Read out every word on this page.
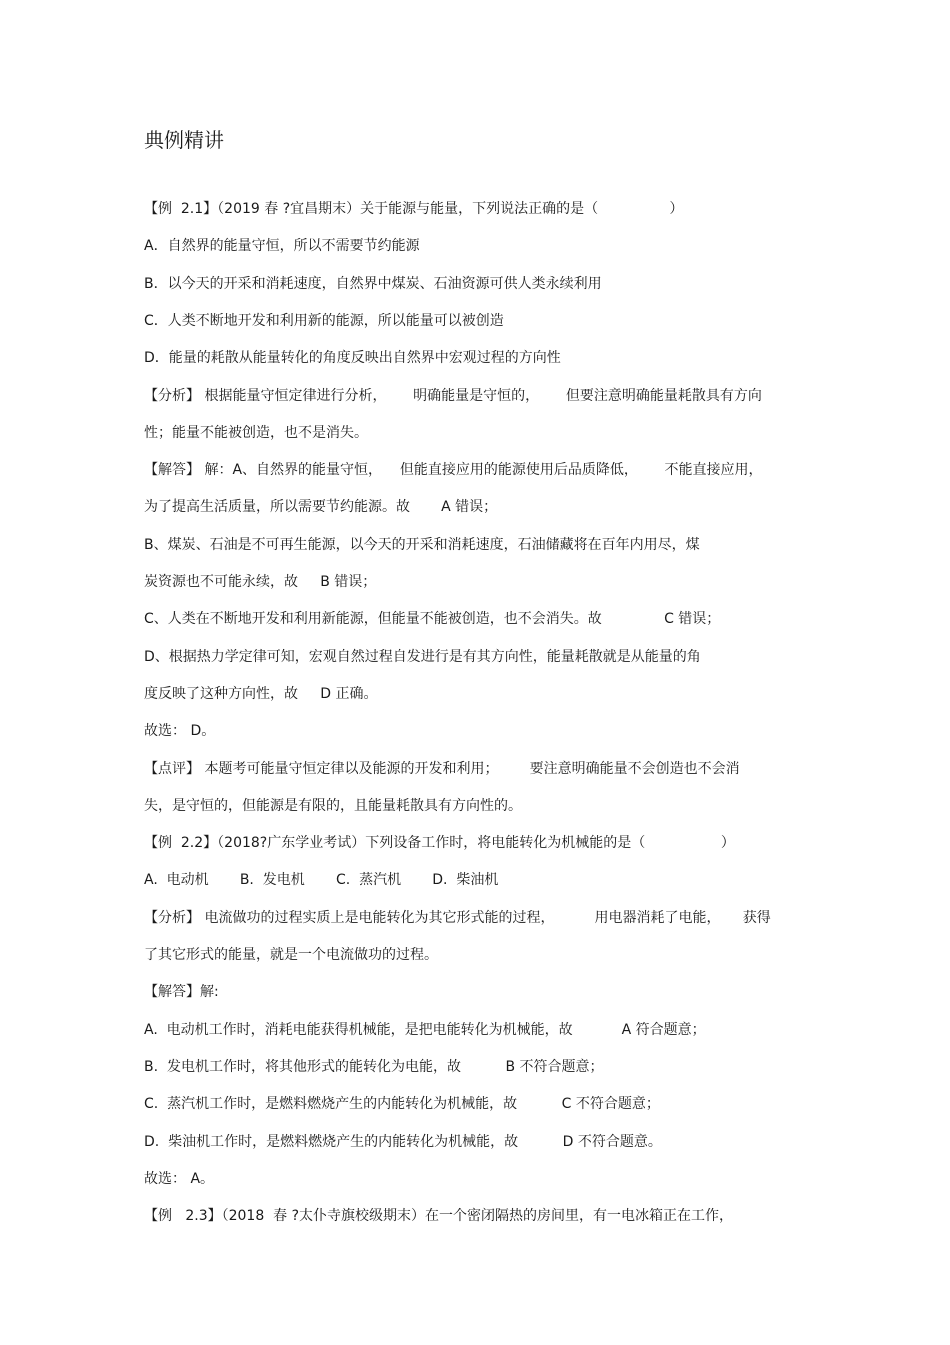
典例精讲
【例  2.1】（2019 春 ?宜昌期末）关于能源与能量，下列说法正确的是（                ）
A．自然界的能量守恒，所以不需要节约能源
B．以今天的开采和消耗速度，自然界中煤炭、石油资源可供人类永续利用
C．人类不断地开发和利用新的能源，所以能量可以被创造
D．能量的耗散从能量转化的角度反映出自然界中宏观过程的方向性
【分析】 根据能量守恒定律进行分析，      明确能量是守恒的，      但要注意明确能量耗散具有方向
性；能量不能被创造，也不是消失。
【解答】 解：A、自然界的能量守恒，    但能直接应用的能源使用后品质降低，      不能直接应用，
为了提高生活质量，所以需要节约能源。故       A 错误；
B、煤炭、石油是不可再生能源，以今天的开采和消耗速度，石油储藏将在百年内用尽，煤
炭资源也不可能永续，故     B 错误；
C、人类在不断地开发和利用新能源，但能量不能被创造，也不会消失。故              C 错误；
D、根据热力学定律可知，宏观自然过程自发进行是有其方向性，能量耗散就是从能量的角
度反映了这种方向性，故     D 正确。
故选： D。
【点评】 本题考可能量守恒定律以及能源的开发和利用；       要注意明确能量不会创造也不会消
失，是守恒的，但能源是有限的，且能量耗散具有方向性的。
【例  2.2】（2018?广东学业考试）下列设备工作时，将电能转化为机械能的是（                 ）
A.  电动机       B.  发电机       C.  蒸汽机       D.  柴油机
【分析】 电流做功的过程实质上是电能转化为其它形式能的过程，         用电器消耗了电能，     获得
了其它形式的能量，就是一个电流做功的过程。
【解答】解:
A.  电动机工作时，消耗电能获得机械能，是把电能转化为机械能，故           A 符合题意；
B.  发电机工作时，将其他形式的能转化为电能，故          B 不符合题意；
C.  蒸汽机工作时，是燃料燃烧产生的内能转化为机械能，故          C 不符合题意；
D.  柴油机工作时，是燃料燃烧产生的内能转化为机械能，故          D 不符合题意。
故选： A。
【例   2.3】（2018  春 ?太仆寺旗校级期末）在一个密闭隔热的房间里，有一电冰箱正在工作，
